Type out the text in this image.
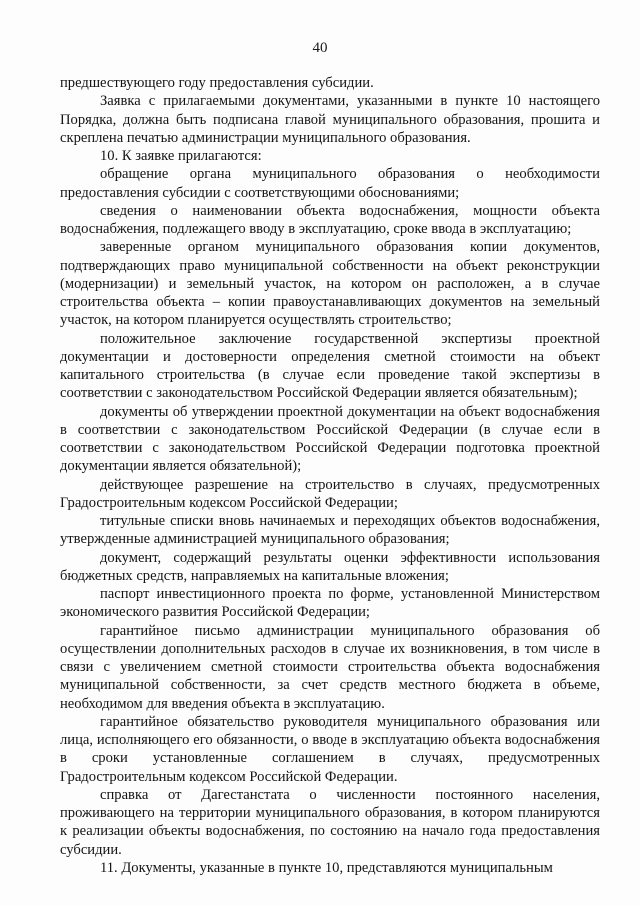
40

предшествующего году предоставления субсидии.

Заявка с прилагаемыми документами, указанными в пункте 10 настоящего Порядка, должна быть подписана главой муниципального образования, прошита и скреплена печатью администрации муниципального образования.

10. К заявке прилагаются:

обращение органа муниципального образования о необходимости предоставления субсидии с соответствующими обоснованиями;

сведения о наименовании объекта водоснабжения, мощности объекта водоснабжения, подлежащего вводу в эксплуатацию, сроке ввода в эксплуатацию;

заверенные органом муниципального образования копии документов, подтверждающих право муниципальной собственности на объект реконструкции (модернизации) и земельный участок, на котором он расположен, а в случае строительства объекта – копии правоустанавливающих документов на земельный участок, на котором планируется осуществлять строительство;

положительное заключение государственной экспертизы проектной документации и достоверности определения сметной стоимости на объект капитального строительства (в случае если проведение такой экспертизы в соответствии с законодательством Российской Федерации является обязательным);

документы об утверждении проектной документации на объект водоснабжения в соответствии с законодательством Российской Федерации (в случае если в соответствии с законодательством Российской Федерации подготовка проектной документации является обязательной);

действующее разрешение на строительство в случаях, предусмотренных Градостроительным кодексом Российской Федерации;

титульные списки вновь начинаемых и переходящих объектов водоснабжения, утвержденные администрацией муниципального образования;

документ, содержащий результаты оценки эффективности использования бюджетных средств, направляемых на капитальные вложения;

паспорт инвестиционного проекта по форме, установленной Министерством экономического развития Российской Федерации;

гарантийное письмо администрации муниципального образования об осуществлении дополнительных расходов в случае их возникновения, в том числе в связи с увеличением сметной стоимости строительства объекта водоснабжения муниципальной собственности, за счет средств местного бюджета в объеме, необходимом для введения объекта в эксплуатацию.

гарантийное обязательство руководителя муниципального образования или лица, исполняющего его обязанности, о вводе в эксплуатацию объекта водоснабжения в сроки установленные соглашением в случаях, предусмотренных Градостроительным кодексом Российской Федерации.

справка от Дагестанстата о численности постоянного населения, проживающего на территории муниципального образования, в котором планируются к реализации объекты водоснабжения, по состоянию на начало года предоставления субсидии.

11. Документы, указанные в пункте 10, представляются муниципальным
